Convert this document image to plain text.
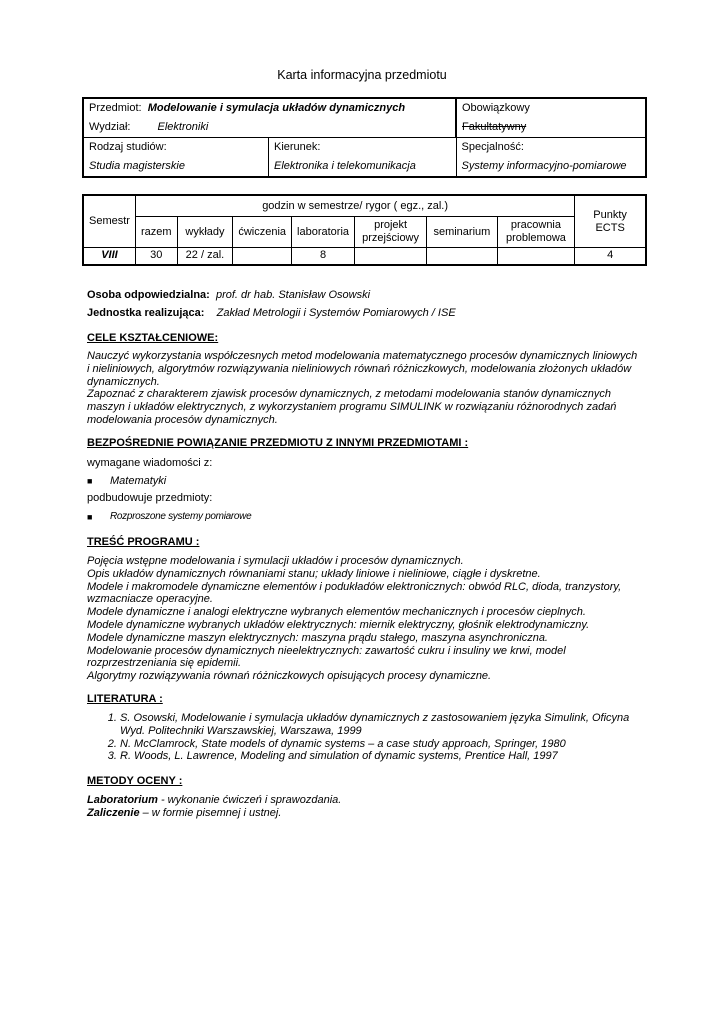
Karta informacyjna przedmiotu
Przedmiot: Modelowanie i symulacja układów dynamicznych		Obowiązkowy
Wydział: Elektroniki		Fakultatywny
Rodzaj studiów:	Kierunek:	Specjalność:
Studia magisterskie	Elektronika i telekomunikacja	Systemy informacyjno-pomiarowe
Semestr	godzin w semestrze/ rygor ( egz., zal.)							Punkty ECTS
	razem	wykłady	ćwiczenia	laboratoria	projekt przejściowy	seminarium	pracownia problemowa	
VIII	30	22 / zal.		8				4
Osoba odpowiedzialna: prof. dr hab. Stanisław Osowski
Jednostka realizująca: Zakład Metrologii i Systemów Pomiarowych / ISE
CELE KSZTAŁCENIOWE:
Nauczyć wykorzystania współczesnych metod modelowania matematycznego procesów dynamicznych liniowych
i nieliniowych, algorytmów rozwiązywania nieliniowych równań różniczkowych, modelowania złożonych układów
dynamicznych.
Zapoznać z charakterem zjawisk procesów dynamicznych, z metodami modelowania stanów dynamicznych
maszyn i układów elektrycznych, z wykorzystaniem programu SIMULINK w rozwiązaniu różnorodnych zadań
modelowania procesów dynamicznych.
BEZPOŚREDNIE POWIĄZANIE PRZEDMIOTU Z INNYMI PRZEDMIOTAMI :
wymagane wiadomości z:
■ Matematyki
podbudowuje przedmioty:
■ Rozproszone systemy pomiarowe
TREŚĆ PROGRAMU :
Pojęcia wstępne modelowania i symulacji układów i procesów dynamicznych.
Opis układów dynamicznych równaniami stanu; układy liniowe i nieliniowe, ciągłe i dyskretne.
Modele i makromodele dynamiczne elementów i podukładów elektronicznych: obwód RLC, dioda, tranzystory,
wzmacniacze operacyjne.
Modele dynamiczne i analogi elektryczne wybranych elementów mechanicznych i procesów cieplnych.
Modele dynamiczne wybranych układów elektrycznych: miernik elektryczny, głośnik elektrodynamiczny.
Modele dynamiczne maszyn elektrycznych: maszyna prądu stałego, maszyna asynchroniczna.
Modelowanie procesów dynamicznych nieelektrycznych: zawartość cukru i insuliny we krwi, model
rozprzestrzeniania się epidemii.
Algorytmy rozwiązywania równań różniczkowych opisujących procesy dynamiczne.
LITERATURA :
1. S. Osowski, Modelowanie i symulacja układów dynamicznych z zastosowaniem języka Simulink, Oficyna Wyd. Politechniki Warszawskiej, Warszawa, 1999
2. N. McClamrock, State models of dynamic systems – a case study approach, Springer, 1980
3. R. Woods, L. Lawrence, Modeling and simulation of dynamic systems, Prentice Hall, 1997
METODY OCENY :
Laboratorium - wykonanie ćwiczeń i sprawozdania.
Zaliczenie – w formie pisemnej i ustnej.
